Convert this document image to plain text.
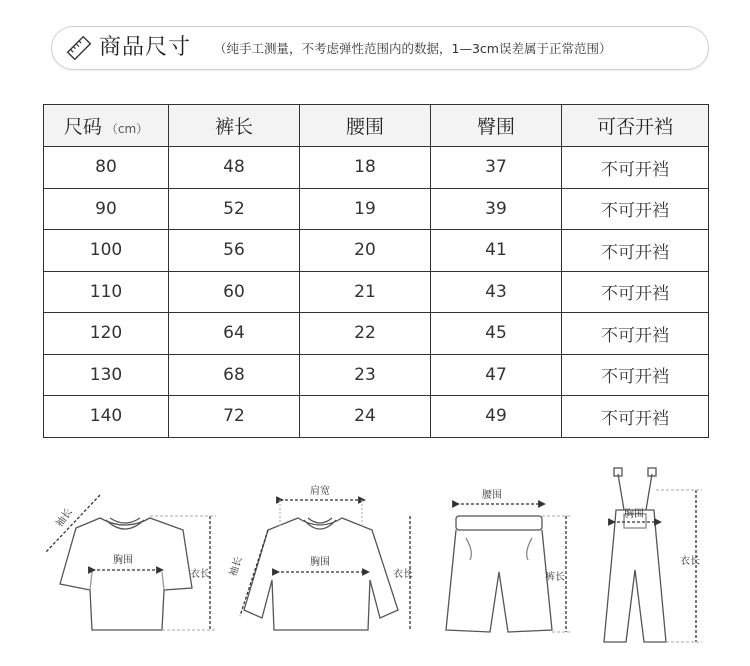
商品尺寸 （纯手工测量，不考虑弹性范围内的数据，1—3cm误差属于正常范围）
尺码 （cm）	裤长	腰围	臀围	可否开裆
80	48	18	37	不可开裆
90	52	19	39	不可开裆
100	56	20	41	不可开裆
110	60	21	43	不可开裆
120	64	22	45	不可开裆
130	68	23	47	不可开裆
140	72	24	49	不可开裆
袖长
胸围
衣长
肩宽
胸围
袖长	衣长
腰围
裤长
胸围
衣长
